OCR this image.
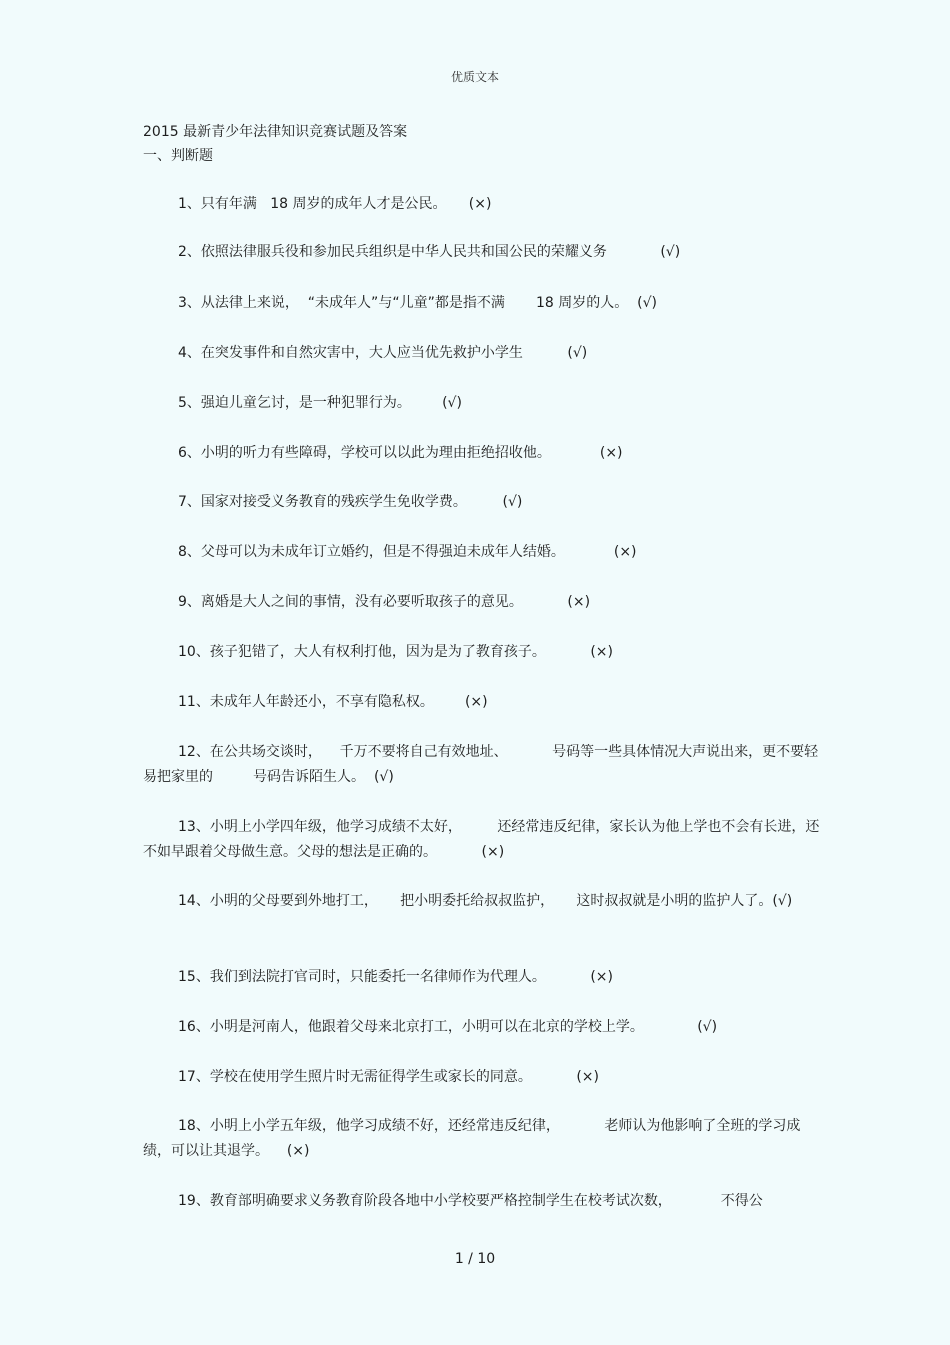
优质文本
2015 最新青少年法律知识竞赛试题及答案
一、判断题

1、只有年满   18 周岁的成年人才是公民。     (×)

2、依照法律服兵役和参加民兵组织是中华人民共和国公民的荣耀义务            (√)

3、从法律上来说，  “未成年人”与“儿童”都是指不满       18 周岁的人。  (√)

4、在突发事件和自然灾害中，大人应当优先救护小学生          (√)

5、强迫儿童乞讨，是一种犯罪行为。       (√)

6、小明的听力有些障碍，学校可以以此为理由拒绝招收他。           (×)

7、国家对接受义务教育的残疾学生免收学费。        (√)

8、父母可以为未成年订立婚约，但是不得强迫未成年人结婚。           (×)

9、离婚是大人之间的事情，没有必要听取孩子的意见。          (×)

10、孩子犯错了，大人有权利打他，因为是为了教育孩子。          (×)

11、未成年人年龄还小，不享有隐私权。       (×)

12、在公共场交谈时，    千万不要将自己有效地址、          号码等一些具体情况大声说出来，更不要轻易把家里的         号码告诉陌生人。  (√)

13、小明上小学四年级，他学习成绩不太好，        还经常违反纪律，家长认为他上学也不会有长进，还不如早跟着父母做生意。父母的想法是正确的。          (×)

14、小明的父母要到外地打工，     把小明委托给叔叔监护，     这时叔叔就是小明的监护人了。(√)

15、我们到法院打官司时，只能委托一名律师作为代理人。          (×)

16、小明是河南人，他跟着父母来北京打工，小明可以在北京的学校上学。            (√)

17、学校在使用学生照片时无需征得学生或家长的同意。          (×)

18、小明上小学五年级，他学习成绩不好，还经常违反纪律，          老师认为他影响了全班的学习成绩，可以让其退学。    (×)

19、教育部明确要求义务教育阶段各地中小学校要严格控制学生在校考试次数，           不得公

1 / 10
